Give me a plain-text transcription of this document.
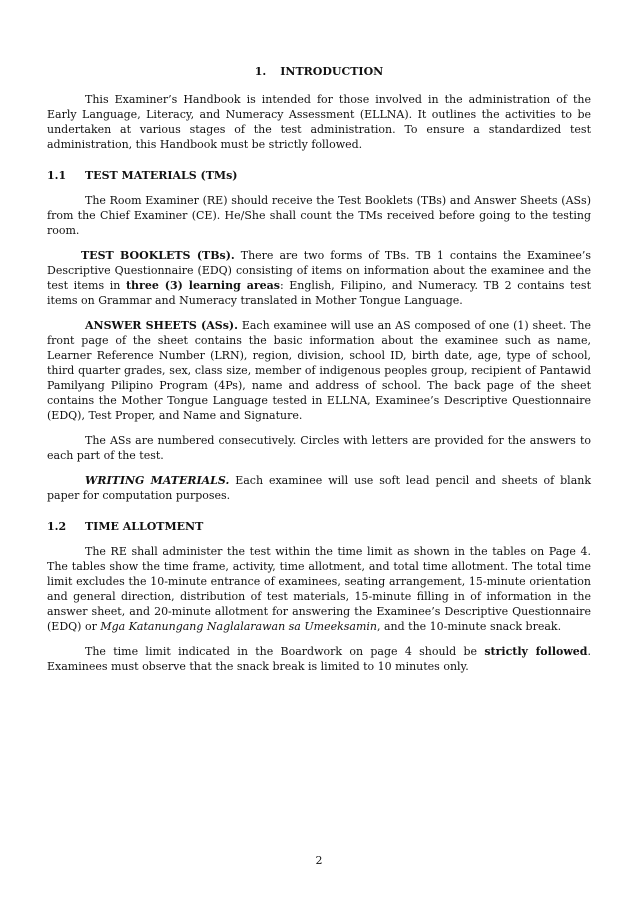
1. INTRODUCTION

This Examiner’s Handbook is intended for those involved in the administration of the Early Language, Literacy, and Numeracy Assessment (ELLNA). It outlines the activities to be undertaken at various stages of the test administration. To ensure a standardized test administration, this Handbook must be strictly followed.

1.1 TEST MATERIALS (TMs)

The Room Examiner (RE) should receive the Test Booklets (TBs) and Answer Sheets (ASs) from the Chief Examiner (CE). He/She shall count the TMs received before going to the testing room.

TEST BOOKLETS (TBs). There are two forms of TBs. TB 1 contains the Examinee’s Descriptive Questionnaire (EDQ) consisting of items on information about the examinee and the test items in three (3) learning areas: English, Filipino, and Numeracy. TB 2 contains test items on Grammar and Numeracy translated in Mother Tongue Language.

ANSWER SHEETS (ASs). Each examinee will use an AS composed of one (1) sheet. The front page of the sheet contains the basic information about the examinee such as name, Learner Reference Number (LRN), region, division, school ID, birth date, age, type of school, third quarter grades, sex, class size, member of indigenous peoples group, recipient of Pantawid Pamilyang Pilipino Program (4Ps), name and address of school. The back page of the sheet contains the Mother Tongue Language tested in ELLNA, Examinee’s Descriptive Questionnaire (EDQ), Test Proper, and Name and Signature.

The ASs are numbered consecutively. Circles with letters are provided for the answers to each part of the test.

WRITING MATERIALS. Each examinee will use soft lead pencil and sheets of blank paper for computation purposes.

1.2 TIME ALLOTMENT

The RE shall administer the test within the time limit as shown in the tables on Page 4. The tables show the time frame, activity, time allotment, and total time allotment. The total time limit excludes the 10-minute entrance of examinees, seating arrangement, 15-minute orientation and general direction, distribution of test materials, 15-minute filling in of information in the answer sheet, and 20-minute allotment for answering the Examinee’s Descriptive Questionnaire (EDQ) or Mga Katanungang Naglalarawan sa Umeeksamin, and the 10-minute snack break.

The time limit indicated in the Boardwork on page 4 should be strictly followed. Examinees must observe that the snack break is limited to 10 minutes only.

2
